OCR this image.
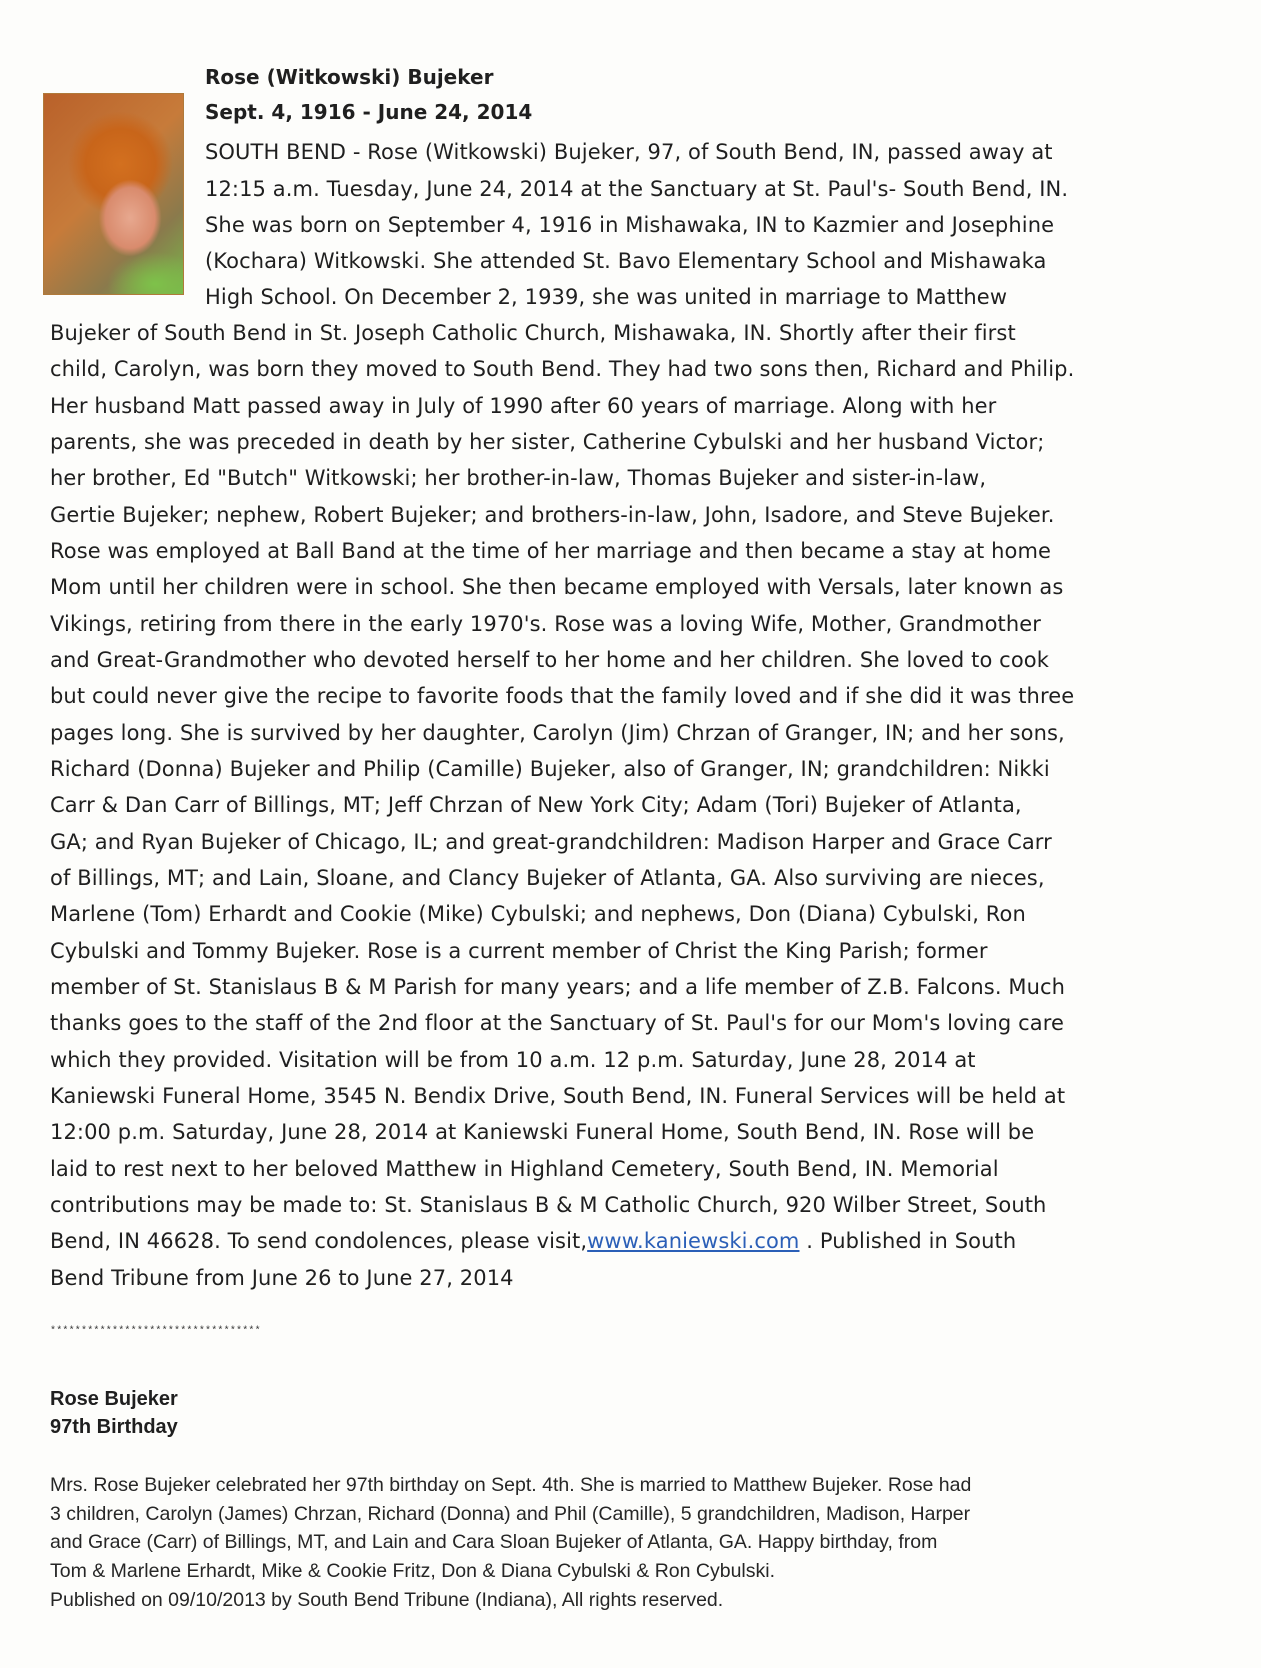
Rose (Witkowski) Bujeker
Sept. 4, 1916 - June 24, 2014
SOUTH BEND - Rose (Witkowski) Bujeker, 97, of South Bend, IN, passed away at
12:15 a.m. Tuesday, June 24, 2014 at the Sanctuary at St. Paul's- South Bend, IN.
She was born on September 4, 1916 in Mishawaka, IN to Kazmier and Josephine
(Kochara) Witkowski. She attended St. Bavo Elementary School and Mishawaka
High School. On December 2, 1939, she was united in marriage to Matthew
Bujeker of South Bend in St. Joseph Catholic Church, Mishawaka, IN. Shortly after their first
child, Carolyn, was born they moved to South Bend. They had two sons then, Richard and Philip.
Her husband Matt passed away in July of 1990 after 60 years of marriage. Along with her
parents, she was preceded in death by her sister, Catherine Cybulski and her husband Victor;
her brother, Ed "Butch" Witkowski; her brother-in-law, Thomas Bujeker and sister-in-law,
Gertie Bujeker; nephew, Robert Bujeker; and brothers-in-law, John, Isadore, and Steve Bujeker.
Rose was employed at Ball Band at the time of her marriage and then became a stay at home
Mom until her children were in school. She then became employed with Versals, later known as
Vikings, retiring from there in the early 1970's. Rose was a loving Wife, Mother, Grandmother
and Great-Grandmother who devoted herself to her home and her children. She loved to cook
but could never give the recipe to favorite foods that the family loved and if she did it was three
pages long. She is survived by her daughter, Carolyn (Jim) Chrzan of Granger, IN; and her sons,
Richard (Donna) Bujeker and Philip (Camille) Bujeker, also of Granger, IN; grandchildren: Nikki
Carr & Dan Carr of Billings, MT; Jeff Chrzan of New York City; Adam (Tori) Bujeker of Atlanta,
GA; and Ryan Bujeker of Chicago, IL; and great-grandchildren: Madison Harper and Grace Carr
of Billings, MT; and Lain, Sloane, and Clancy Bujeker of Atlanta, GA. Also surviving are nieces,
Marlene (Tom) Erhardt and Cookie (Mike) Cybulski; and nephews, Don (Diana) Cybulski, Ron
Cybulski and Tommy Bujeker. Rose is a current member of Christ the King Parish; former
member of St. Stanislaus B & M Parish for many years; and a life member of Z.B. Falcons. Much
thanks goes to the staff of the 2nd floor at the Sanctuary of St. Paul's for our Mom's loving care
which they provided. Visitation will be from 10 a.m. 12 p.m. Saturday, June 28, 2014 at
Kaniewski Funeral Home, 3545 N. Bendix Drive, South Bend, IN. Funeral Services will be held at
12:00 p.m. Saturday, June 28, 2014 at Kaniewski Funeral Home, South Bend, IN. Rose will be
laid to rest next to her beloved Matthew in Highland Cemetery, South Bend, IN. Memorial
contributions may be made to: St. Stanislaus B & M Catholic Church, 920 Wilber Street, South
Bend, IN 46628. To send condolences, please visit,www.kaniewski.com . Published in South
Bend Tribune from June 26 to June 27, 2014
**********************************
Rose Bujeker
97th Birthday
Mrs. Rose Bujeker celebrated her 97th birthday on Sept. 4th. She is married to Matthew Bujeker. Rose had
3 children, Carolyn (James) Chrzan, Richard (Donna) and Phil (Camille), 5 grandchildren, Madison, Harper
and Grace (Carr) of Billings, MT, and Lain and Cara Sloan Bujeker of Atlanta, GA. Happy birthday, from
Tom & Marlene Erhardt, Mike & Cookie Fritz, Don & Diana Cybulski & Ron Cybulski.
Published on 09/10/2013 by South Bend Tribune (Indiana), All rights reserved.
